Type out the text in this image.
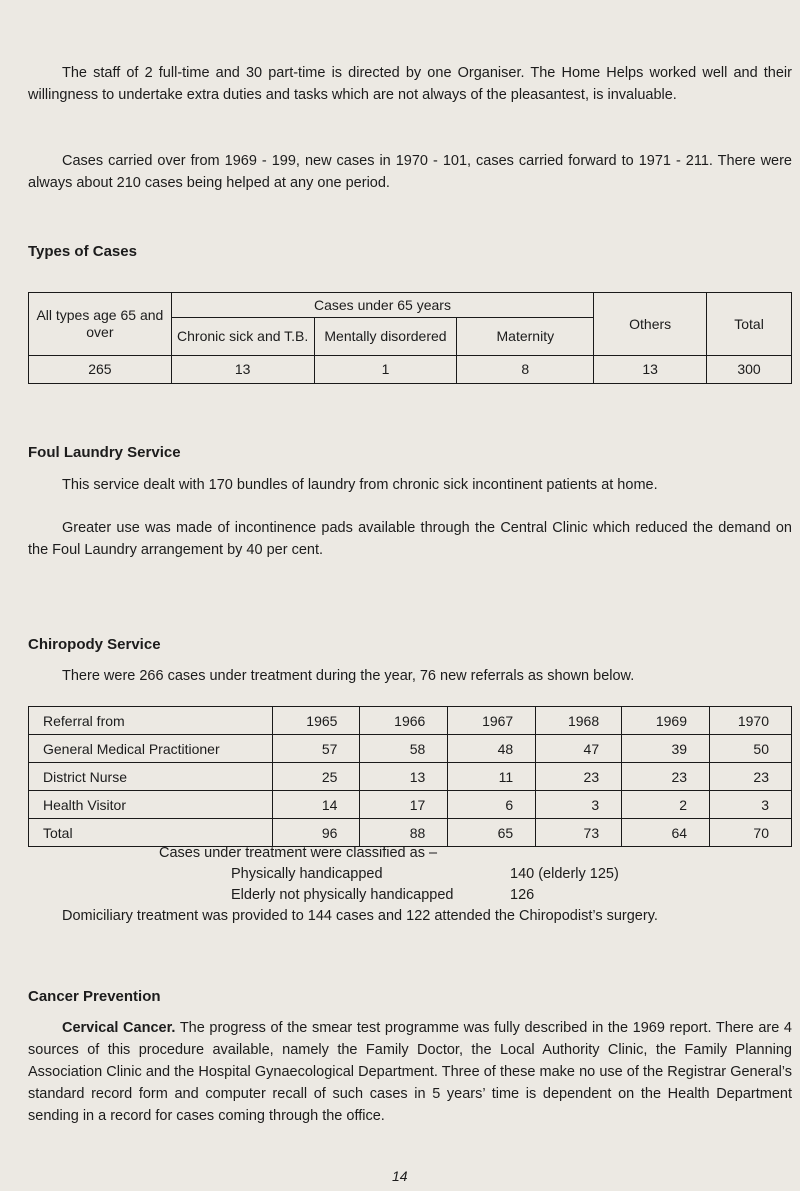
The staff of 2 full-time and 30 part-time is directed by one Organiser. The Home Helps worked well and their willingness to undertake extra duties and tasks which are not always of the pleasantest, is invaluable.

Cases carried over from 1969 - 199, new cases in 1970 - 101, cases carried forward to 1971 - 211. There were always about 210 cases being helped at any one period.

Types of Cases
All types age 65 and over	Cases under 65 years			Others	Total
	Chronic sick and T.B.	Mentally disordered	Maternity		
265	13	1	8	13	300
Foul Laundry Service

This service dealt with 170 bundles of laundry from chronic sick incontinent patients at home.

Greater use was made of incontinence pads available through the Central Clinic which reduced the demand on the Foul Laundry arrangement by 40 per cent.

Chiropody Service

There were 266 cases under treatment during the year, 76 new referrals as shown below.

Referral from	1965	1966	1967	1968	1969	1970
General Medical Practitioner	57	58	48	47	39	50
District Nurse	25	13	11	23	23	23
Health Visitor	14	17	6	3	2	3
Total	96	88	65	73	64	70
Cases under treatment were classified as –
Physically handicapped	140 (elderly 125)
Elderly not physically handicapped	126
Domiciliary treatment was provided to 144 cases and 122 attended the Chiropodist’s surgery.
Cancer Prevention

Cervical Cancer. The progress of the smear test programme was fully described in the 1969 report. There are 4 sources of this procedure available, namely the Family Doctor, the Local Authority Clinic, the Family Planning Association Clinic and the Hospital Gynaecological Department. Three of these make no use of the Registrar General’s standard record form and computer recall of such cases in 5 years’ time is dependent on the Health Department sending in a record for cases coming through the office.

14
